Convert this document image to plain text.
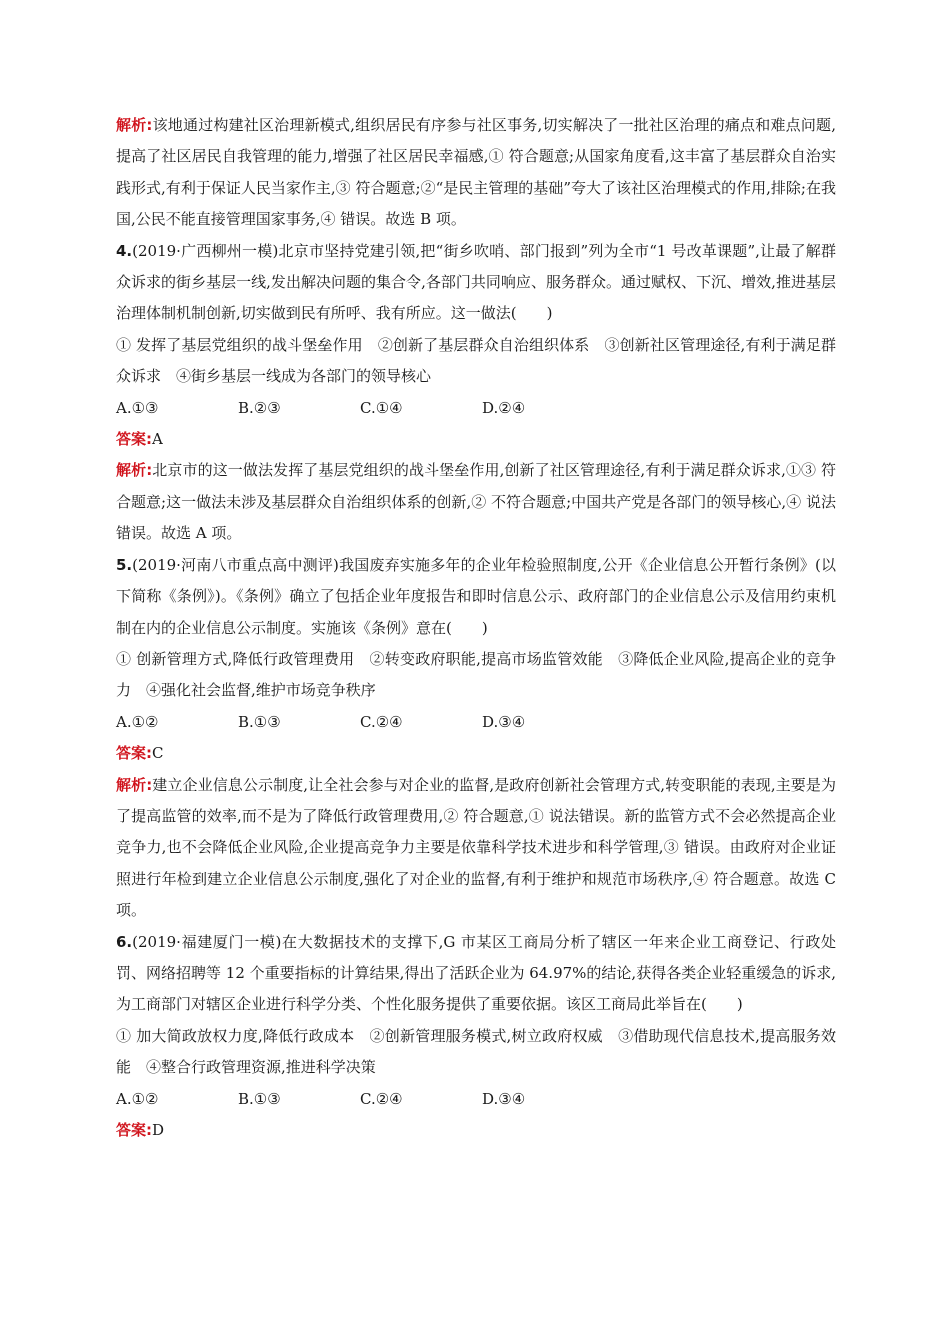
解析:该地通过构建社区治理新模式,组织居民有序参与社区事务,切实解决了一批社区治理的痛点和难点问题,提高了社区居民自我管理的能力,增强了社区居民幸福感,① 符合题意;从国家角度看,这丰富了基层群众自治实践形式,有利于保证人民当家作主,③ 符合题意;②“是民主管理的基础”夸大了该社区治理模式的作用,排除;在我国,公民不能直接管理国家事务,④ 错误。故选 B 项。

4.(2019·广西柳州一模)北京市坚持党建引领,把“街乡吹哨、部门报到”列为全市“1 号改革课题”,让最了解群众诉求的街乡基层一线,发出解决问题的集合令,各部门共同响应、服务群众。通过赋权、下沉、增效,推进基层治理体制机制创新,切实做到民有所呼、我有所应。这一做法(　　)

① 发挥了基层党组织的战斗堡垒作用　②创新了基层群众自治组织体系　③创新社区管理途径,有利于满足群众诉求　④街乡基层一线成为各部门的领导核心

A.①③	B.②③	C.①④	D.②④

答案:A

解析:北京市的这一做法发挥了基层党组织的战斗堡垒作用,创新了社区管理途径,有利于满足群众诉求,①③ 符合题意;这一做法未涉及基层群众自治组织体系的创新,② 不符合题意;中国共产党是各部门的领导核心,④ 说法错误。故选 A 项。

5.(2019·河南八市重点高中测评)我国废弃实施多年的企业年检验照制度,公开《企业信息公开暂行条例》(以下简称《条例》)。《条例》确立了包括企业年度报告和即时信息公示、政府部门的企业信息公示及信用约束机制在内的企业信息公示制度。实施该《条例》意在(　　)

① 创新管理方式,降低行政管理费用　②转变政府职能,提高市场监管效能　③降低企业风险,提高企业的竞争力　④强化社会监督,维护市场竞争秩序

A.①②	B.①③	C.②④	D.③④

答案:C

解析:建立企业信息公示制度,让全社会参与对企业的监督,是政府创新社会管理方式,转变职能的表现,主要是为了提高监管的效率,而不是为了降低行政管理费用,② 符合题意,① 说法错误。新的监管方式不会必然提高企业竞争力,也不会降低企业风险,企业提高竞争力主要是依靠科学技术进步和科学管理,③ 错误。由政府对企业证照进行年检到建立企业信息公示制度,强化了对企业的监督,有利于维护和规范市场秩序,④ 符合题意。故选 C 项。

6.(2019·福建厦门一模)在大数据技术的支撑下,G 市某区工商局分析了辖区一年来企业工商登记、行政处罚、网络招聘等 12 个重要指标的计算结果,得出了活跃企业为 64.97%的结论,获得各类企业轻重缓急的诉求,为工商部门对辖区企业进行科学分类、个性化服务提供了重要依据。该区工商局此举旨在(　　)

① 加大简政放权力度,降低行政成本　②创新管理服务模式,树立政府权威　③借助现代信息技术,提高服务效能　④整合行政管理资源,推进科学决策

A.①②	B.①③	C.②④	D.③④

答案:D
